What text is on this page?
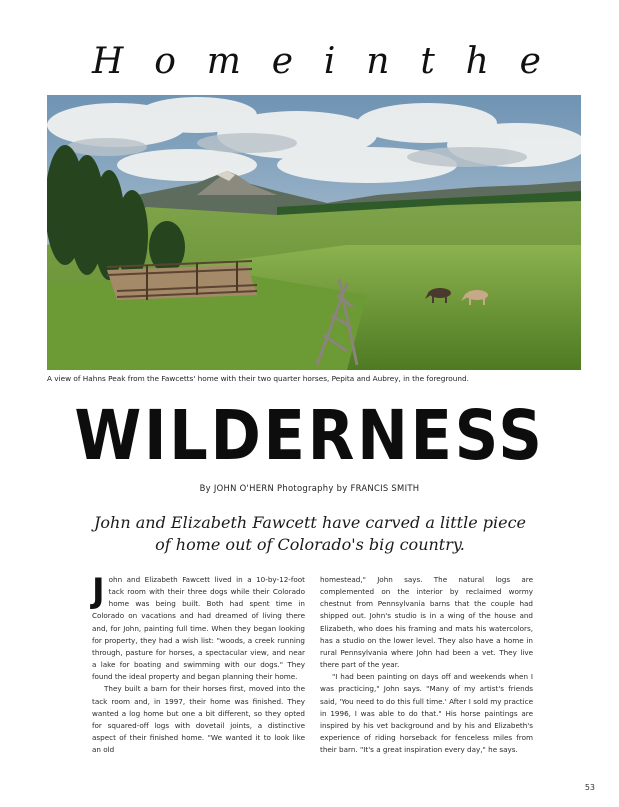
H o m e i n t h e
A view of Hahns Peak from the Fawcetts' home with their two quarter horses, Pepita and Aubrey, in the foreground.
WILDERNESS
By JOHN O'HERN Photography by FRANCIS SMITH
John and Elizabeth Fawcett have carved a little piece of home out of Colorado's big country.

John and Elizabeth Fawcett lived in a 10-by-12-foot tack room with their three dogs while their Colorado home was being built. Both had spent time in Colorado on vacations and had dreamed of living there and, for John, painting full time. When they began looking for property, they had a wish list: "woods, a creek running through, pasture for horses, a spectacular view, and near a lake for boating and swimming with our dogs." They found the ideal property and began planning their home.

They built a barn for their horses first, moved into the tack room and, in 1997, their home was finished. They wanted a log home but one a bit different, so they opted for squared-off logs with dovetail joints, a distinctive aspect of their finished home. "We wanted it to look like an old

homestead," John says. The natural logs are complemented on the interior by reclaimed wormy chestnut from Pennsylvania barns that the couple had shipped out. John's studio is in a wing of the house and Elizabeth, who does his framing and mats his watercolors, has a studio on the lower level. They also have a home in rural Pennsylvania where John had been a vet. They live there part of the year.

"I had been painting on days off and weekends when I was practicing," John says. "Many of my artist's friends said, 'You need to do this full time.' After I sold my practice in 1996, I was able to do that." His horse paintings are inspired by his vet background and by his and Elizabeth's experience of riding horseback for fenceless miles from their barn. "It's a great inspiration every day," he says.

53
